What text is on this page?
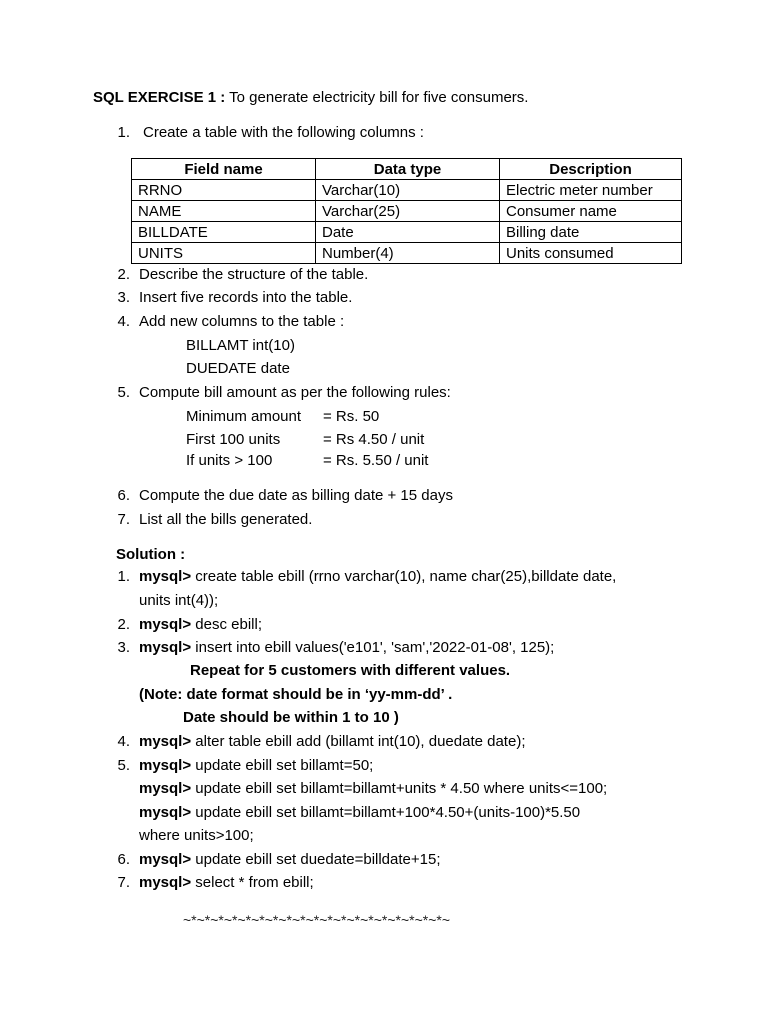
SQL EXERCISE 1 : To generate electricity bill for five consumers.
1. Create a table with the following columns :
Field name	Data type	Description
RRNO	Varchar(10)	Electric meter number
NAME	Varchar(25)	Consumer name
BILLDATE	Date	Billing date
UNITS	Number(4)	Units consumed
2. Describe the structure of the table.
3. Insert five records into the table.
4. Add new columns to the table :
BILLAMT int(10)
DUEDATE date
5. Compute bill amount as per the following rules:
Minimum amount = Rs. 50
First 100 units	= Rs 4.50 / unit
If units > 100	= Rs. 5.50 / unit
6. Compute the due date as billing date + 15 days
7. List all the bills generated.
Solution :
1. mysql> create table ebill (rrno varchar(10), name char(25),billdate date,
units int(4));
2. mysql> desc ebill;
3. mysql> insert into ebill values('e101', 'sam','2022-01-08', 125);
Repeat for 5 customers with different values.
(Note: date format should be in ‘yy-mm-dd’ .
Date should be within 1 to 10 )
4. mysql> alter table ebill add (billamt int(10), duedate date);
5. mysql> update ebill set billamt=50;
mysql> update ebill set billamt=billamt+units * 4.50 where units<=100;
mysql> update ebill set billamt=billamt+100*4.50+(units-100)*5.50
where units>100;
6. mysql> update ebill set duedate=billdate+15;
7. mysql> select * from ebill;
~*~*~*~*~*~*~*~*~*~*~*~*~*~*~*~*~*~*~*~
